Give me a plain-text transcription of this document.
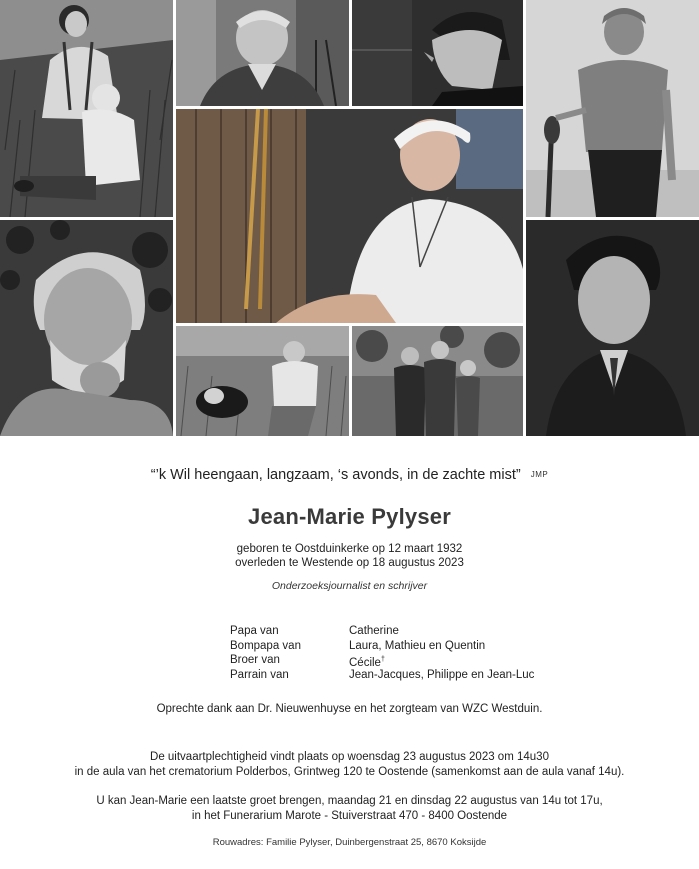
“’k Wil heengaan, langzaam, ‘s avonds, in de zachte mist” JMP
Jean-Marie Pylyser
geboren te Oostduinkerke op 12 maart 1932
overleden te Westende op 18 augustus 2023
Onderzoeksjournalist en schrijver
Papa van	Catherine
Bompapa van	Laura, Mathieu en Quentin
Broer van	Cécile†
Parrain van	Jean-Jacques, Philippe en Jean-Luc
Oprechte dank aan Dr. Nieuwenhuyse en het zorgteam van WZC Westduin.
De uitvaartplechtigheid vindt plaats op woensdag 23 augustus 2023 om 14u30
in de aula van het crematorium Polderbos, Grintweg 120 te Oostende (samenkomst aan de aula vanaf 14u).
U kan Jean-Marie een laatste groet brengen, maandag 21 en dinsdag 22 augustus van 14u tot 17u,
in het Funerarium Marote - Stuiverstraat 470 - 8400 Oostende
Rouwadres: Familie Pylyser, Duinbergenstraat 25, 8670 Koksijde
